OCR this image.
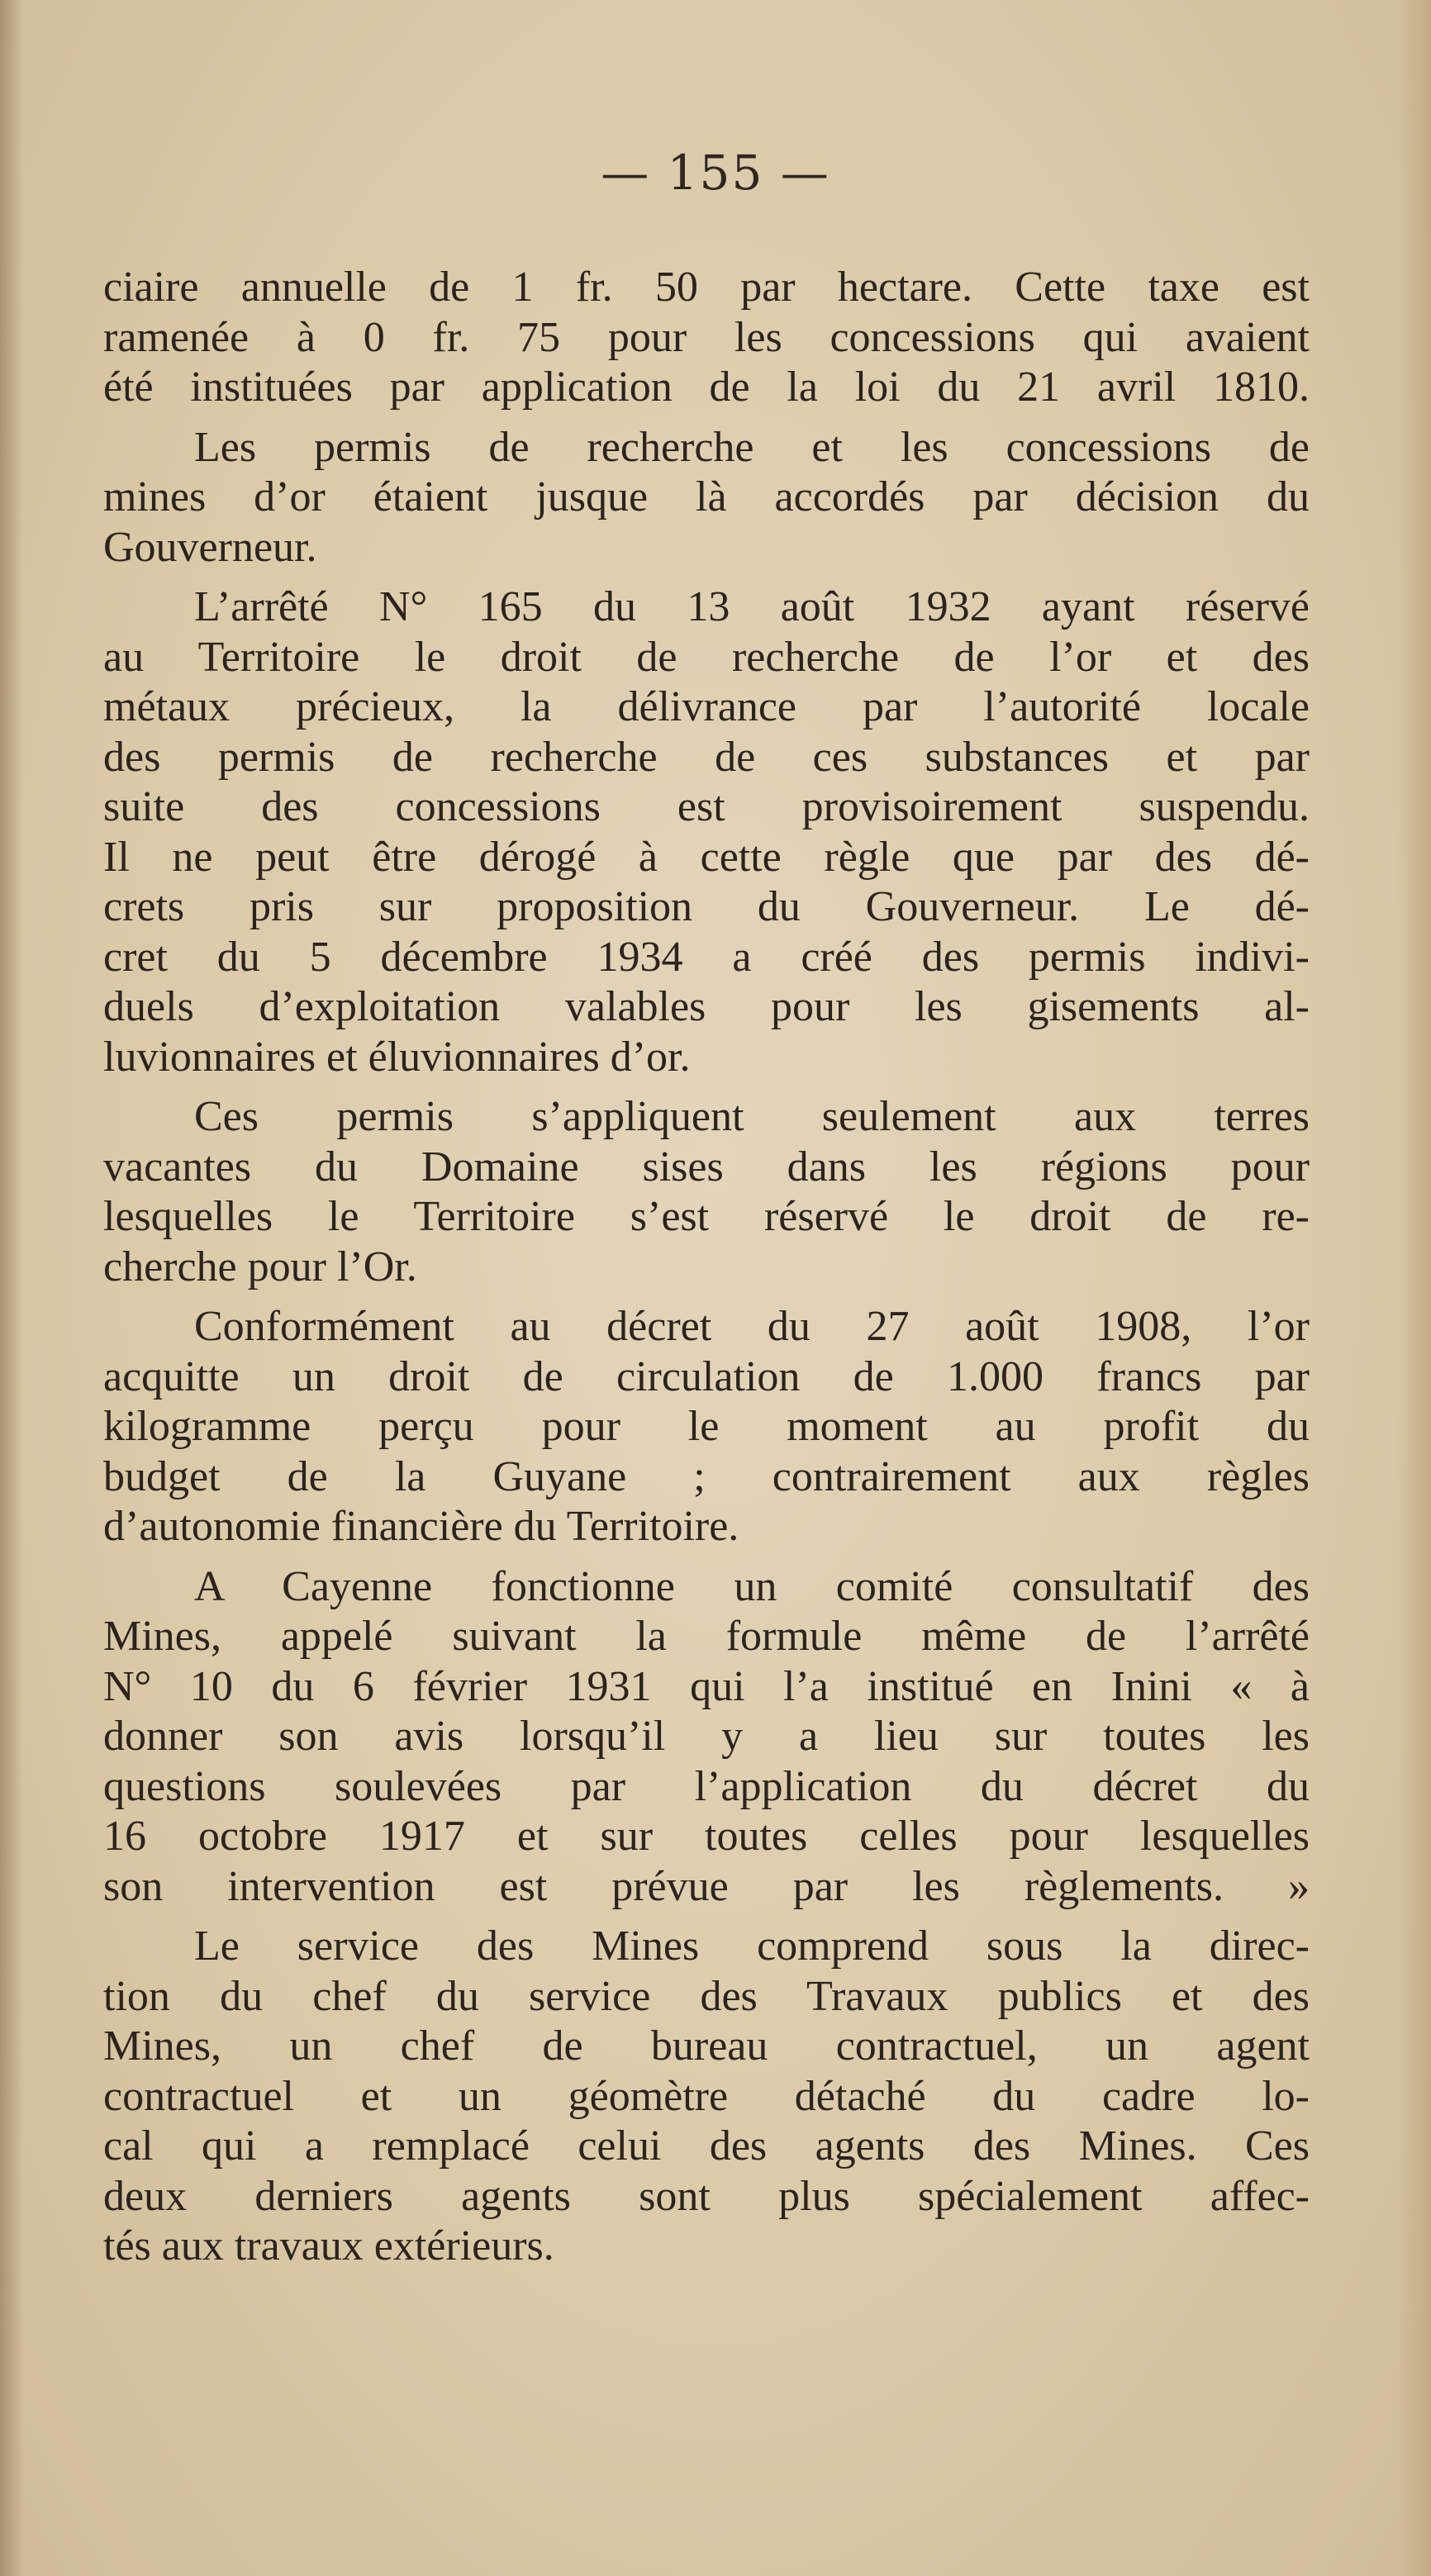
— 155 —
ciaire annuelle de 1 fr. 50 par hectare. Cette taxe est
ramenée à 0 fr. 75 pour les concessions qui avaient
été instituées par application de la loi du 21 avril 1810.
Les permis de recherche et les concessions de
mines d’or étaient jusque là accordés par décision du
Gouverneur.
L’arrêté N° 165 du 13 août 1932 ayant réservé
au Territoire le droit de recherche de l’or et des
métaux précieux, la délivrance par l’autorité locale
des permis de recherche de ces substances et par
suite des concessions est provisoirement suspendu.
Il ne peut être dérogé à cette règle que par des dé-
crets pris sur proposition du Gouverneur. Le dé-
cret du 5 décembre 1934 a créé des permis indivi-
duels d’exploitation valables pour les gisements al-
luvionnaires et éluvionnaires d’or.
Ces permis s’appliquent seulement aux terres
vacantes du Domaine sises dans les régions pour
lesquelles le Territoire s’est réservé le droit de re-
cherche pour l’Or.
Conformément au décret du 27 août 1908, l’or
acquitte un droit de circulation de 1.000 francs par
kilogramme perçu pour le moment au profit du
budget de la Guyane ; contrairement aux règles
d’autonomie financière du Territoire.
A Cayenne fonctionne un comité consultatif des
Mines, appelé suivant la formule même de l’arrêté
N° 10 du 6 février 1931 qui l’a institué en Inini « à
donner son avis lorsqu’il y a lieu sur toutes les
questions soulevées par l’application du décret du
16 octobre 1917 et sur toutes celles pour lesquelles
son intervention est prévue par les règlements. »
Le service des Mines comprend sous la direc-
tion du chef du service des Travaux publics et des
Mines, un chef de bureau contractuel, un agent
contractuel et un géomètre détaché du cadre lo-
cal qui a remplacé celui des agents des Mines. Ces
deux derniers agents sont plus spécialement affec-
tés aux travaux extérieurs.
